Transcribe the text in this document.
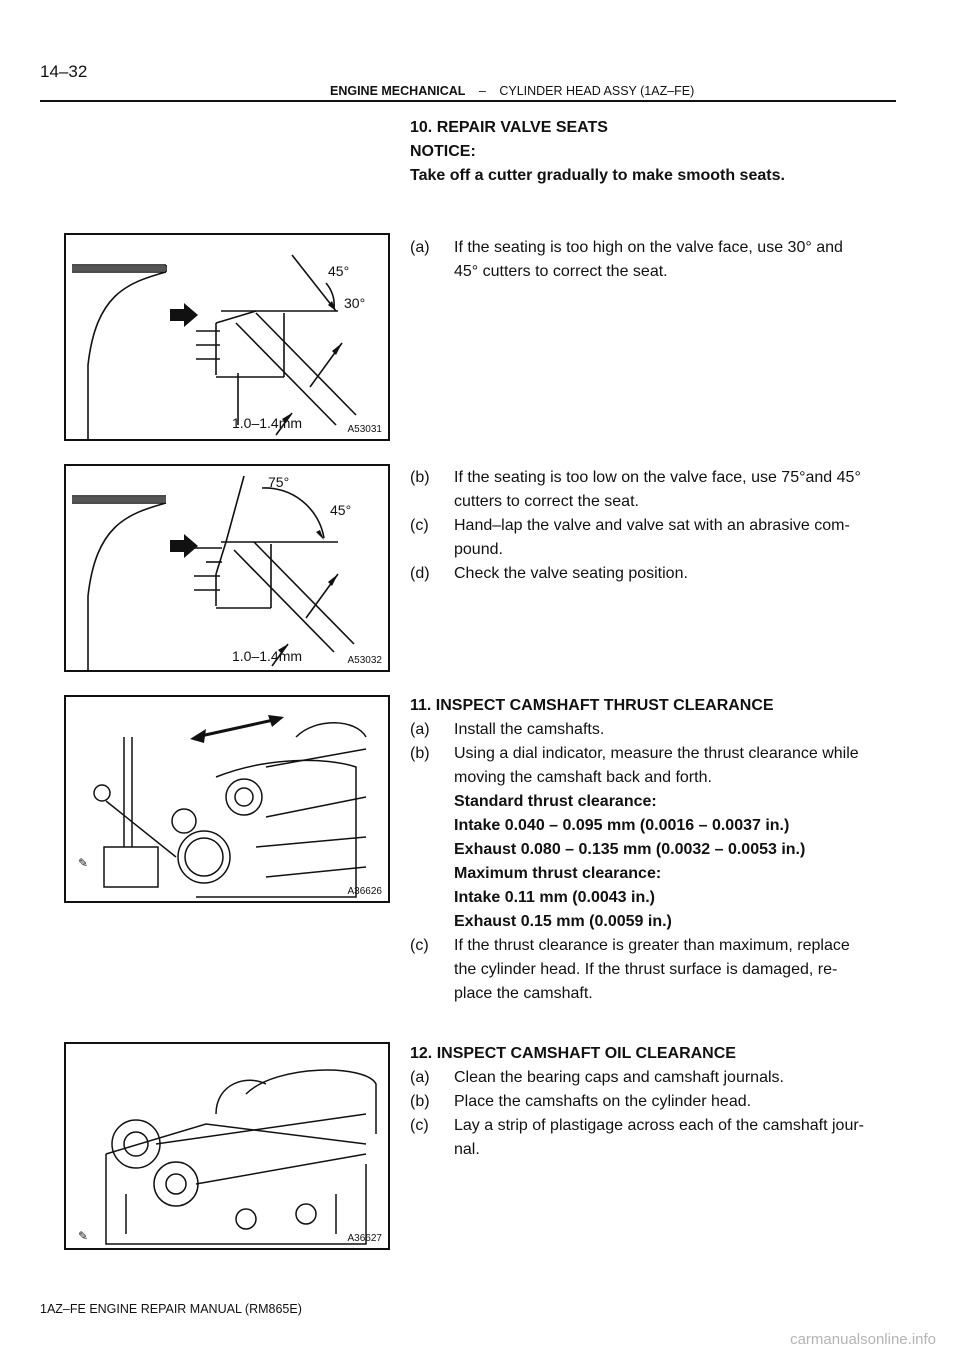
14–32
ENGINE MECHANICAL – CYLINDER HEAD ASSY (1AZ–FE)
45°
30°
1.0–1.4mm	A53031
75°
45°
1.0–1.4mm	A53032
✎
A36626
✎	A36627
10. REPAIR VALVE SEATS
NOTICE:
Take off a cutter gradually to make smooth seats.
(a) If the seating is too high on the valve face, use 30° and
45° cutters to correct the seat.
(b) If the seating is too low on the valve face, use 75°and 45°
cutters to correct the seat.
(c) Hand–lap the valve and valve sat with an abrasive com-
pound.
(d) Check the valve seating position.
11. INSPECT CAMSHAFT THRUST CLEARANCE
(a) Install the camshafts.
(b) Using a dial indicator, measure the thrust clearance while
moving the camshaft back and forth.
Standard thrust clearance:
Intake 0.040 – 0.095 mm (0.0016 – 0.0037 in.)
Exhaust 0.080 – 0.135 mm (0.0032 – 0.0053 in.)
Maximum thrust clearance:
Intake 0.11 mm (0.0043 in.)
Exhaust 0.15 mm (0.0059 in.)
(c) If the thrust clearance is greater than maximum, replace
the cylinder head. If the thrust surface is damaged, re-
place the camshaft.
12. INSPECT CAMSHAFT OIL CLEARANCE
(a) Clean the bearing caps and camshaft journals.
(b) Place the camshafts on the cylinder head.
(c) Lay a strip of plastigage across each of the camshaft jour-
nal.
1AZ–FE ENGINE REPAIR MANUAL (RM865E)
carmanualsonline.info
